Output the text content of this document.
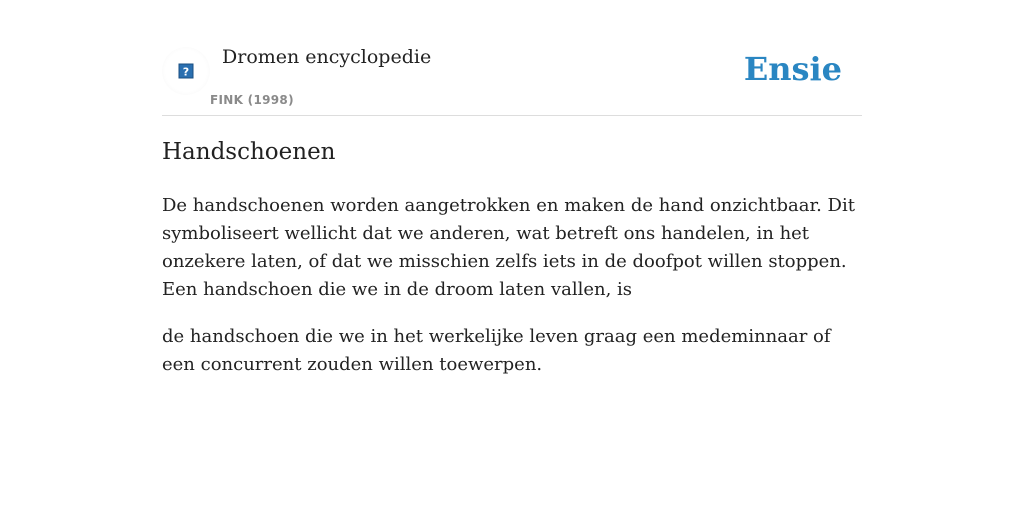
?
Dromen encyclopedie
FINK (1998)
Ensie
Handschoenen

De handschoenen worden aangetrokken en maken de hand onzichtbaar. Dit symboliseert wellicht dat we anderen, wat betreft ons handelen, in het onzekere laten, of dat we misschien zelfs iets in de doofpot willen stoppen. Een handschoen die we in de droom laten vallen, is

de handschoen die we in het werkelijke leven graag een medeminnaar of een concurrent zouden willen toewerpen.
